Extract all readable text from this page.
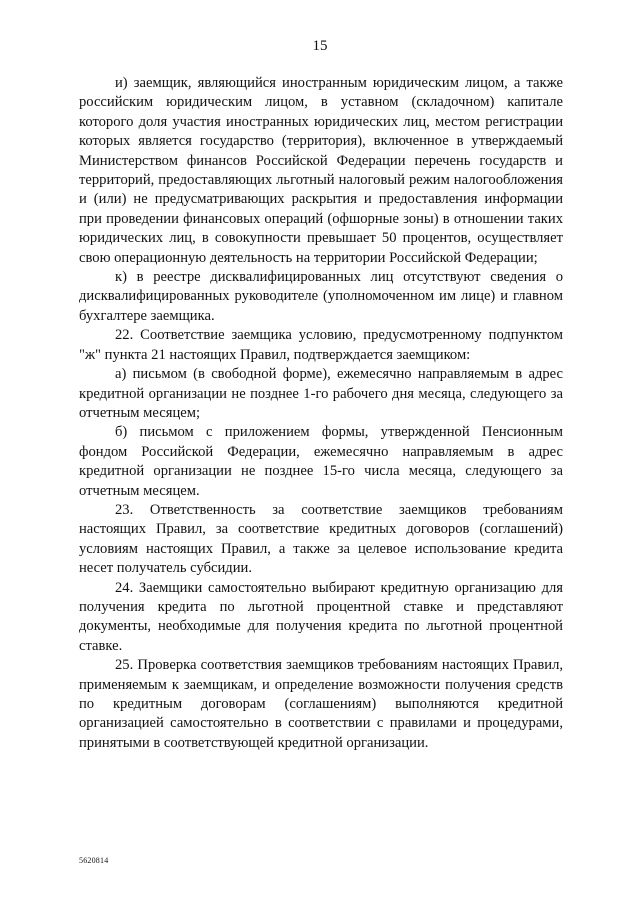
15

и) заемщик, являющийся иностранным юридическим лицом, а также российским юридическим лицом, в уставном (складочном) капитале которого доля участия иностранных юридических лиц, местом регистрации которых является государство (территория), включенное в утверждаемый Министерством финансов Российской Федерации перечень государств и территорий, предоставляющих льготный налоговый режим налогообложения и (или) не предусматривающих раскрытия и предоставления информации при проведении финансовых операций (офшорные зоны) в отношении таких юридических лиц, в совокупности превышает 50 процентов, осуществляет свою операционную деятельность на территории Российской Федерации;

к) в реестре дисквалифицированных лиц отсутствуют сведения о дисквалифицированных руководителе (уполномоченном им лице) и главном бухгалтере заемщика.

22. Соответствие заемщика условию, предусмотренному подпунктом "ж" пункта 21 настоящих Правил, подтверждается заемщиком:

а) письмом (в свободной форме), ежемесячно направляемым в адрес кредитной организации не позднее 1-го рабочего дня месяца, следующего за отчетным месяцем;

б) письмом с приложением формы, утвержденной Пенсионным фондом Российской Федерации, ежемесячно направляемым в адрес кредитной организации не позднее 15-го числа месяца, следующего за отчетным месяцем.

23. Ответственность за соответствие заемщиков требованиям настоящих Правил, за соответствие кредитных договоров (соглашений) условиям настоящих Правил, а также за целевое использование кредита несет получатель субсидии.

24. Заемщики самостоятельно выбирают кредитную организацию для получения кредита по льготной процентной ставке и представляют документы, необходимые для получения кредита по льготной процентной ставке.

25. Проверка соответствия заемщиков требованиям настоящих Правил, применяемым к заемщикам, и определение возможности получения средств по кредитным договорам (соглашениям) выполняются кредитной организацией самостоятельно в соответствии с правилами и процедурами, принятыми в соответствующей кредитной организации.

5620814
